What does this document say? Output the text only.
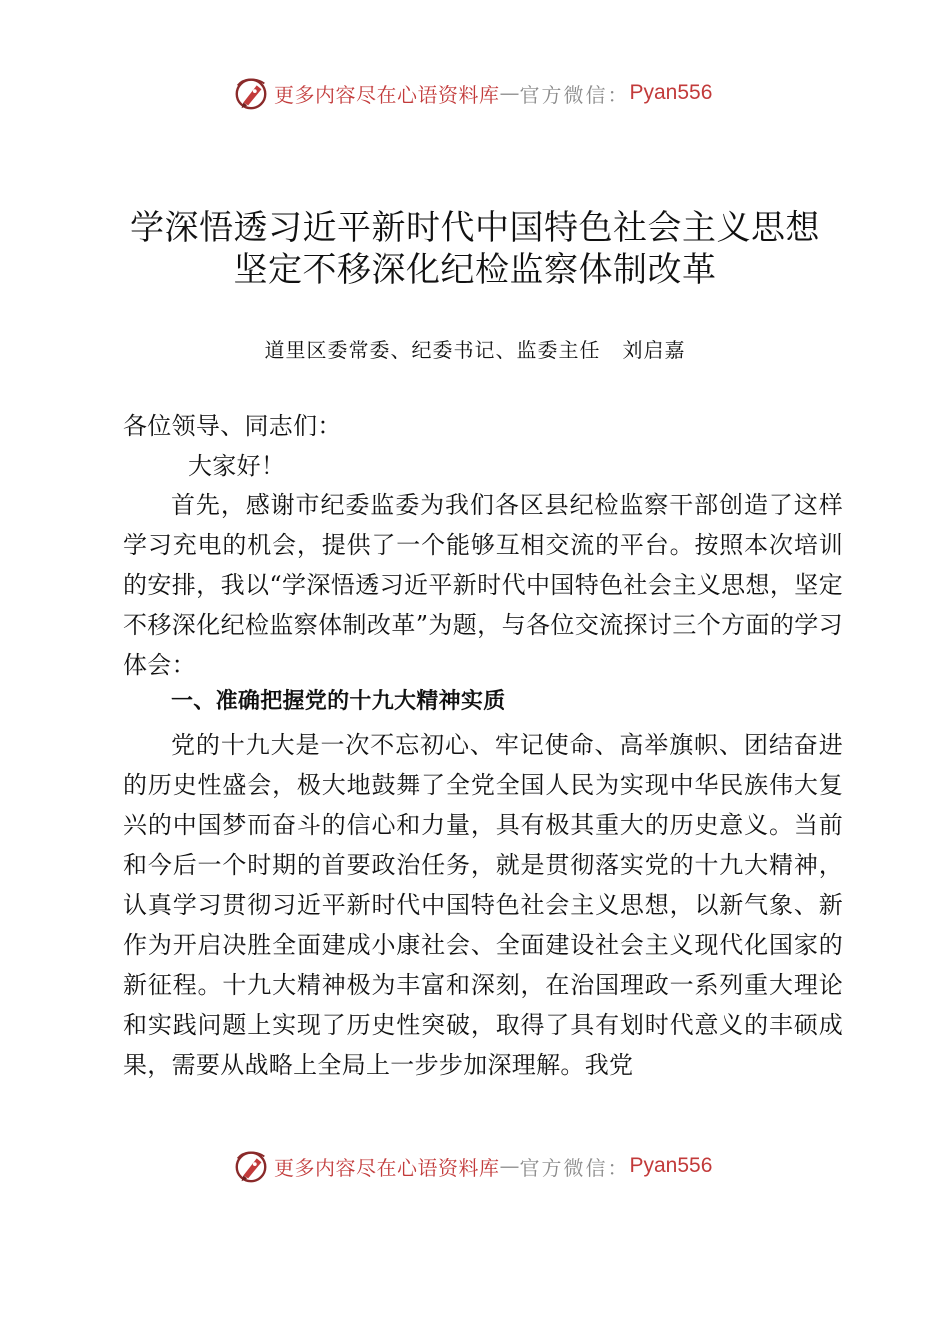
更多内容尽在心语资料库 — 官方微信： Pyan556
学深悟透习近平新时代中国特色社会主义思想
坚定不移深化纪检监察体制改革
道里区委常委、纪委书记、监委主任   刘启嘉

各位领导、同志们：

大家好！

首先，感谢市纪委监委为我们各区县纪检监察干部创造了这样学习充电的机会，提供了一个能够互相交流的平台。按照本次培训的安排，我以“学深悟透习近平新时代中国特色社会主义思想，坚定不移深化纪检监察体制改革”为题，与各位交流探讨三个方面的学习体会：

一、准确把握党的十九大精神实质

党的十九大是一次不忘初心、牢记使命、高举旗帜、团结奋进的历史性盛会，极大地鼓舞了全党全国人民为实现中华民族伟大复兴的中国梦而奋斗的信心和力量，具有极其重大的历史意义。当前和今后一个时期的首要政治任务，就是贯彻落实党的十九大精神，认真学习贯彻习近平新时代中国特色社会主义思想，以新气象、新作为开启决胜全面建成小康社会、全面建设社会主义现代化国家的新征程。十九大精神极为丰富和深刻，在治国理政一系列重大理论和实践问题上实现了历史性突破，取得了具有划时代意义的丰硕成果，需要从战略上全局上一步步加深理解。我党

更多内容尽在心语资料库 — 官方微信： Pyan556
